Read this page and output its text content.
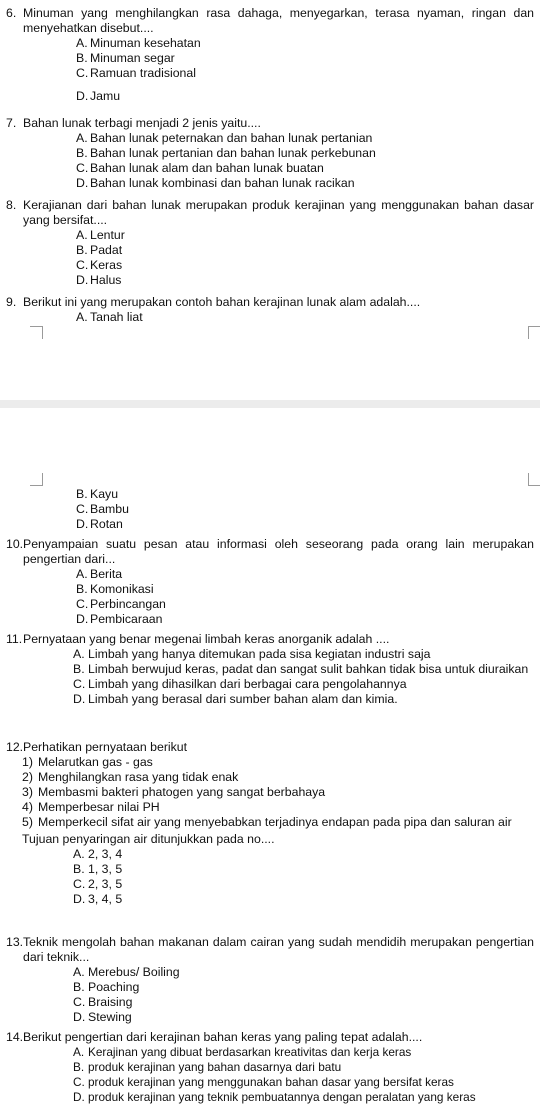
6. Minuman yang menghilangkan rasa dahaga, menyegarkan, terasa nyaman, ringan dan menyehatkan disebut....
A. Minuman kesehatan
B. Minuman segar
C. Ramuan tradisional
D. Jamu
7. Bahan lunak terbagi menjadi 2 jenis yaitu....
A. Bahan lunak peternakan dan bahan lunak pertanian
B. Bahan lunak pertanian dan bahan lunak perkebunan
C. Bahan lunak alam dan bahan lunak buatan
D. Bahan lunak kombinasi dan bahan lunak racikan
8. Kerajianan dari bahan lunak merupakan produk kerajinan yang menggunakan bahan dasar yang bersifat....
A. Lentur
B. Padat
C. Keras
D. Halus
9. Berikut ini yang merupakan contoh bahan kerajinan lunak alam adalah....
A. Tanah liat
B. Kayu
C. Bambu
D. Rotan
10. Penyampaian suatu pesan atau informasi oleh seseorang pada orang lain merupakan pengertian dari...
A. Berita
B. Komonikasi
C. Perbincangan
D. Pembicaraan
11. Pernyataan yang benar megenai limbah keras anorganik adalah ....
A. Limbah yang hanya ditemukan pada sisa kegiatan industri saja
B. Limbah berwujud keras, padat dan sangat sulit bahkan tidak bisa untuk diuraikan
C. Limbah yang dihasilkan dari berbagai cara pengolahannya
D. Limbah yang berasal dari sumber bahan alam dan kimia.
12. Perhatikan pernyataan berikut
1) Melarutkan gas - gas
2) Menghilangkan rasa yang tidak enak
3) Membasmi bakteri phatogen yang sangat berbahaya
4) Memperbesar nilai PH
5) Memperkecil sifat air yang menyebabkan terjadinya endapan pada pipa dan saluran air
Tujuan penyaringan air ditunjukkan pada no....
A. 2, 3, 4
B. 1, 3, 5
C. 2, 3, 5
D. 3, 4, 5
13. Teknik mengolah bahan makanan dalam cairan yang sudah mendidih merupakan pengertian dari teknik...
A. Merebus/ Boiling
B. Poaching
C. Braising
D. Stewing
14. Berikut pengertian dari kerajinan bahan keras yang paling tepat adalah....
A. Kerajinan yang dibuat berdasarkan kreativitas dan kerja keras
B. produk kerajinan yang bahan dasarnya dari batu
C. produk kerajinan yang menggunakan bahan dasar yang bersifat keras
D. produk kerajinan yang teknik pembuatannya dengan peralatan yang keras
